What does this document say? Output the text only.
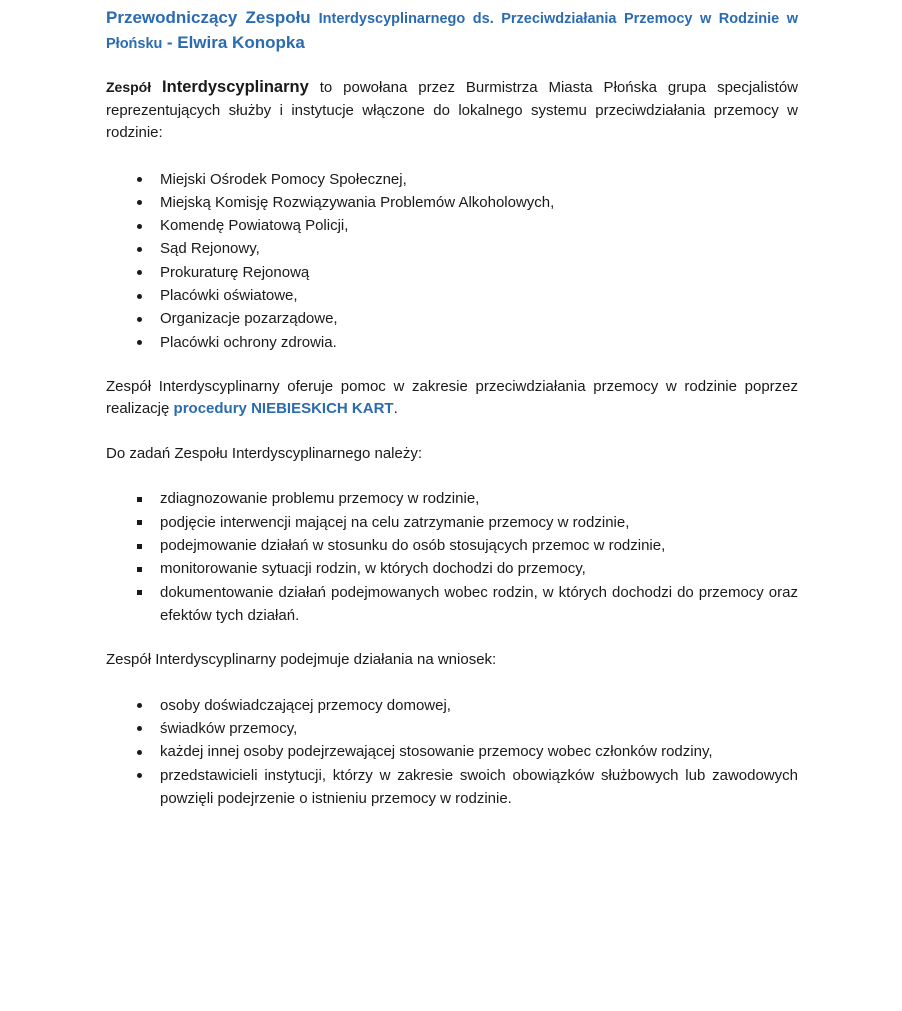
Przewodniczący Zespołu Interdyscyplinarnego ds. Przeciwdziałania Przemocy w Rodzinie w Płońsku - Elwira Konopka

Zespół Interdyscyplinarny to powołana przez Burmistrza Miasta Płońska grupa specjalistów reprezentujących służby i instytucje włączone do lokalnego systemu przeciwdziałania przemocy w rodzinie:

Miejski Ośrodek Pomocy Społecznej,
Miejską Komisję Rozwiązywania Problemów Alkoholowych,
Komendę Powiatową Policji,
Sąd Rejonowy,
Prokuraturę Rejonową
Placówki oświatowe,
Organizacje pozarządowe,
Placówki ochrony zdrowia.

Zespół Interdyscyplinarny oferuje pomoc w zakresie przeciwdziałania przemocy w rodzinie poprzez realizację procedury NIEBIESKICH KART.

Do zadań Zespołu Interdyscyplinarnego należy:

zdiagnozowanie problemu przemocy w rodzinie,
podjęcie interwencji mającej na celu zatrzymanie przemocy w rodzinie,
podejmowanie działań w stosunku do osób stosujących przemoc w rodzinie,
monitorowanie sytuacji rodzin, w których dochodzi do przemocy,
dokumentowanie działań podejmowanych wobec rodzin, w których dochodzi do przemocy oraz efektów tych działań.

Zespół Interdyscyplinarny podejmuje działania na wniosek:

osoby doświadczającej przemocy domowej,
świadków przemocy,
każdej innej osoby podejrzewającej stosowanie przemocy wobec członków rodziny,
przedstawicieli instytucji, którzy w zakresie swoich obowiązków służbowych lub zawodowych powzięli podejrzenie o istnieniu przemocy w rodzinie.
